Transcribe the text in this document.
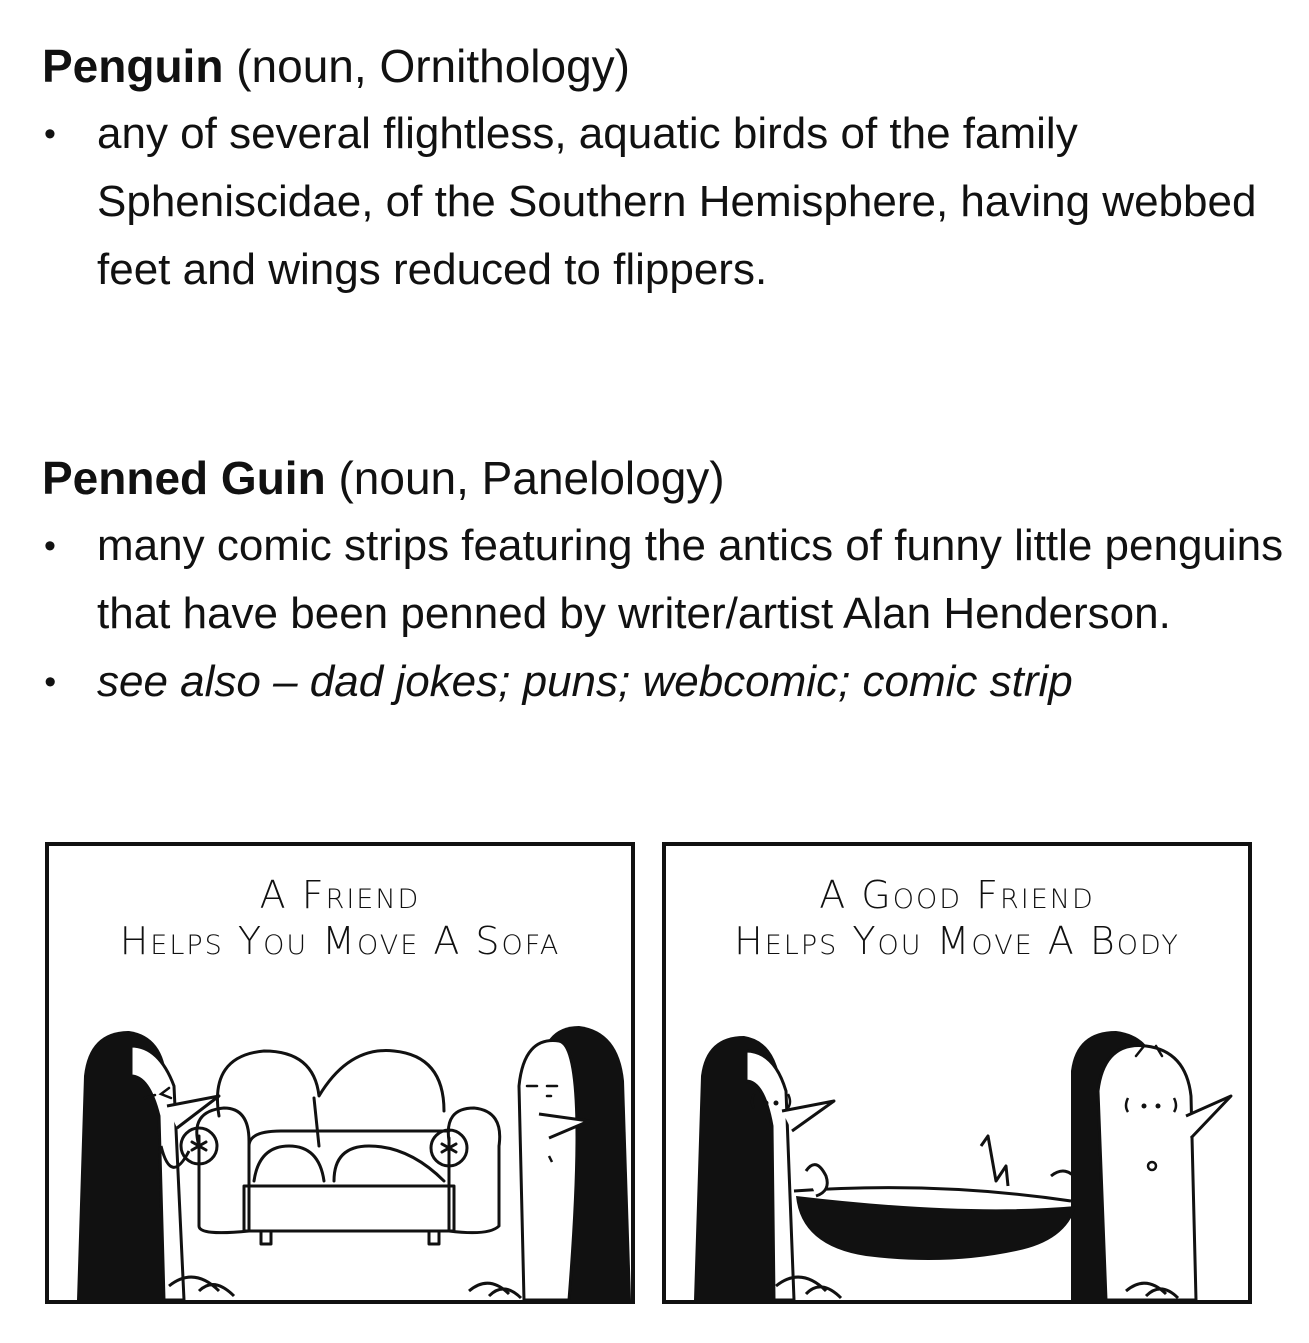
Penguin (noun, Ornithology)
• any of several flightless, aquatic birds of the family Spheniscidae, of the Southern Hemisphere, having webbed feet and wings reduced to flippers.
Penned Guin (noun, Panelology)
• many comic strips featuring the antics of funny little penguins that have been penned by writer/artist Alan Henderson.
• see also – dad jokes; puns; webcomic; comic strip
A Friend
Helps You Move A Sofa
A Good Friend
Helps You Move A Body
